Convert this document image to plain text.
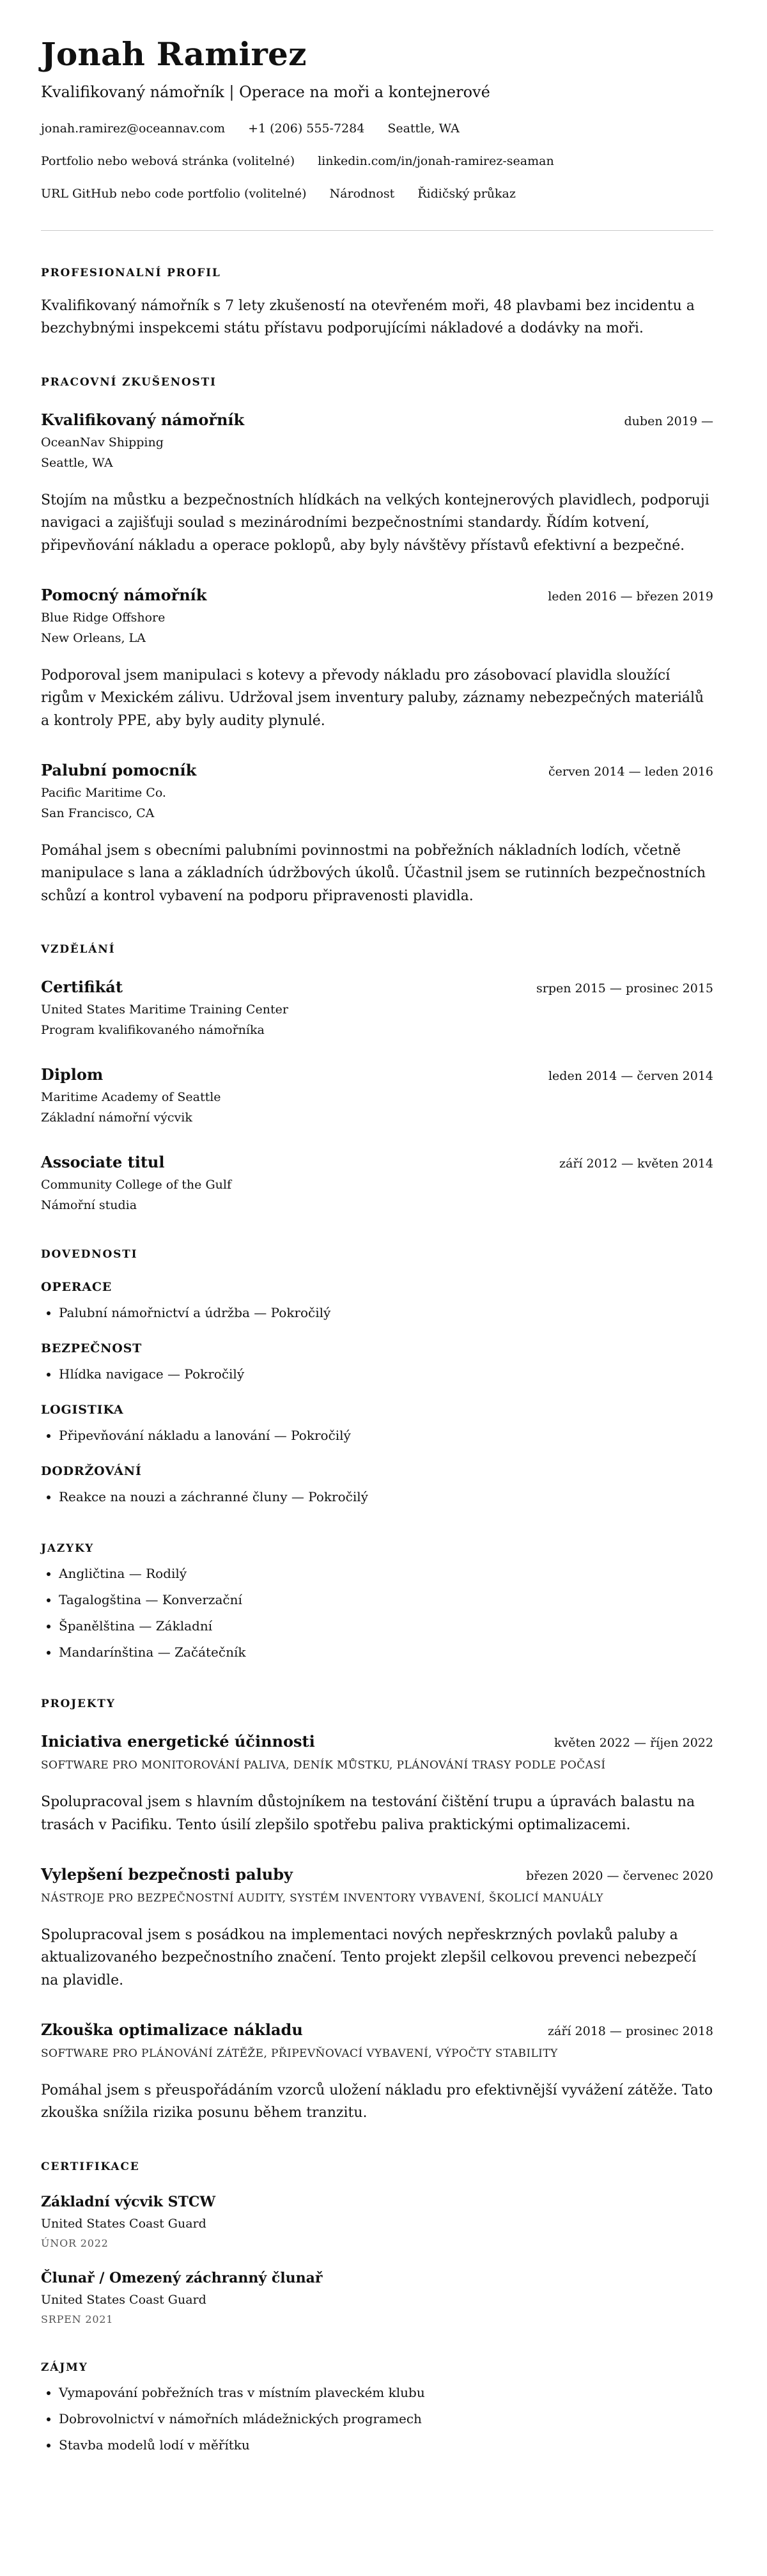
Jonah Ramirez
Kvalifikovaný námořník | Operace na moři a kontejnerové
jonah.ramirez@oceannav.com +1 (206) 555-7284 Seattle, WA
Portfolio nebo webová stránka (volitelné) linkedin.com/in/jonah-ramirez-seaman
URL GitHub nebo code portfolio (volitelné) Národnost Řidičský průkaz
PROFESIONALNÍ PROFIL

Kvalifikovaný námořník s 7 lety zkušeností na otevřeném moři, 48 plavbami bez incidentu a bezchybnými inspekcemi státu přístavu podporujícími nákladové a dodávky na moři.

PRACOVNÍ ZKUŠENOSTI
Kvalifikovaný námořník	duben 2019 —
OceanNav Shipping
Seattle, WA

Stojím na můstku a bezpečnostních hlídkách na velkých kontejnerových plavidlech, podporuji navigaci a zajišťuji soulad s mezinárodními bezpečnostními standardy. Řídím kotvení, připevňování nákladu a operace poklopů, aby byly návštěvy přístavů efektivní a bezpečné.

Pomocný námořník	leden 2016 — březen 2019
Blue Ridge Offshore
New Orleans, LA

Podporoval jsem manipulaci s kotevy a převody nákladu pro zásobovací plavidla sloužící rigům v Mexickém zálivu. Udržoval jsem inventury paluby, záznamy nebezpečných materiálů a kontroly PPE, aby byly audity plynulé.

Palubní pomocník	červen 2014 — leden 2016
Pacific Maritime Co.
San Francisco, CA

Pomáhal jsem s obecními palubními povinnostmi na pobřežních nákladních lodích, včetně manipulace s lana a základních údržbových úkolů. Účastnil jsem se rutinních bezpečnostních schůzí a kontrol vybavení na podporu připravenosti plavidla.

VZDĚLÁNÍ
Certifikát	srpen 2015 — prosinec 2015
United States Maritime Training Center
Program kvalifikovaného námořníka
Diplom	leden 2014 — červen 2014
Maritime Academy of Seattle
Základní námořní výcvik
Associate titul	září 2012 — květen 2014
Community College of the Gulf
Námořní studia
DOVEDNOSTI
OPERACE
• Palubní námořnictví a údržba — Pokročilý
BEZPEČNOST
• Hlídka navigace — Pokročilý
LOGISTIKA
• Připevňování nákladu a lanování — Pokročilý
DODRŽOVÁNÍ
• Reakce na nouzi a záchranné čluny — Pokročilý
JAZYKY
• Angličtina — Rodilý
• Tagalogština — Konverzační
• Španělština — Základní
• Mandarínština — Začátečník
PROJEKTY
Iniciativa energetické účinnosti	květen 2022 — říjen 2022
SOFTWARE PRO MONITOROVÁNÍ PALIVA, DENÍK MŮSTKU, PLÁNOVÁNÍ TRASY PODLE POČASÍ

Spolupracoval jsem s hlavním důstojníkem na testování čištění trupu a úpravách balastu na trasách v Pacifiku. Tento úsilí zlepšilo spotřebu paliva praktickými optimalizacemi.

Vylepšení bezpečnosti paluby	březen 2020 — červenec 2020
NÁSTROJE PRO BEZPEČNOSTNÍ AUDITY, SYSTÉM INVENTORY VYBAVENÍ, ŠKOLICÍ MANUÁLY

Spolupracoval jsem s posádkou na implementaci nových nepřeskrzných povlaků paluby a aktualizovaného bezpečnostního značení. Tento projekt zlepšil celkovou prevenci nebezpečí na plavidle.

Zkouška optimalizace nákladu	září 2018 — prosinec 2018
SOFTWARE PRO PLÁNOVÁNÍ ZÁTĚŽE, PŘIPEVŇOVACÍ VYBAVENÍ, VÝPOČTY STABILITY

Pomáhal jsem s přeuspořádáním vzorců uložení nákladu pro efektivnější vyvážení zátěže. Tato zkouška snížila rizika posunu během tranzitu.

CERTIFIKACE
Základní výcvik STCW
United States Coast Guard
ÚNOR 2022
Člunař / Omezený záchranný člunař
United States Coast Guard
SRPEN 2021
ZÁJMY
• Vymapování pobřežních tras v místním plaveckém klubu
• Dobrovolnictví v námořních mládežnických programech
• Stavba modelů lodí v měřítku
